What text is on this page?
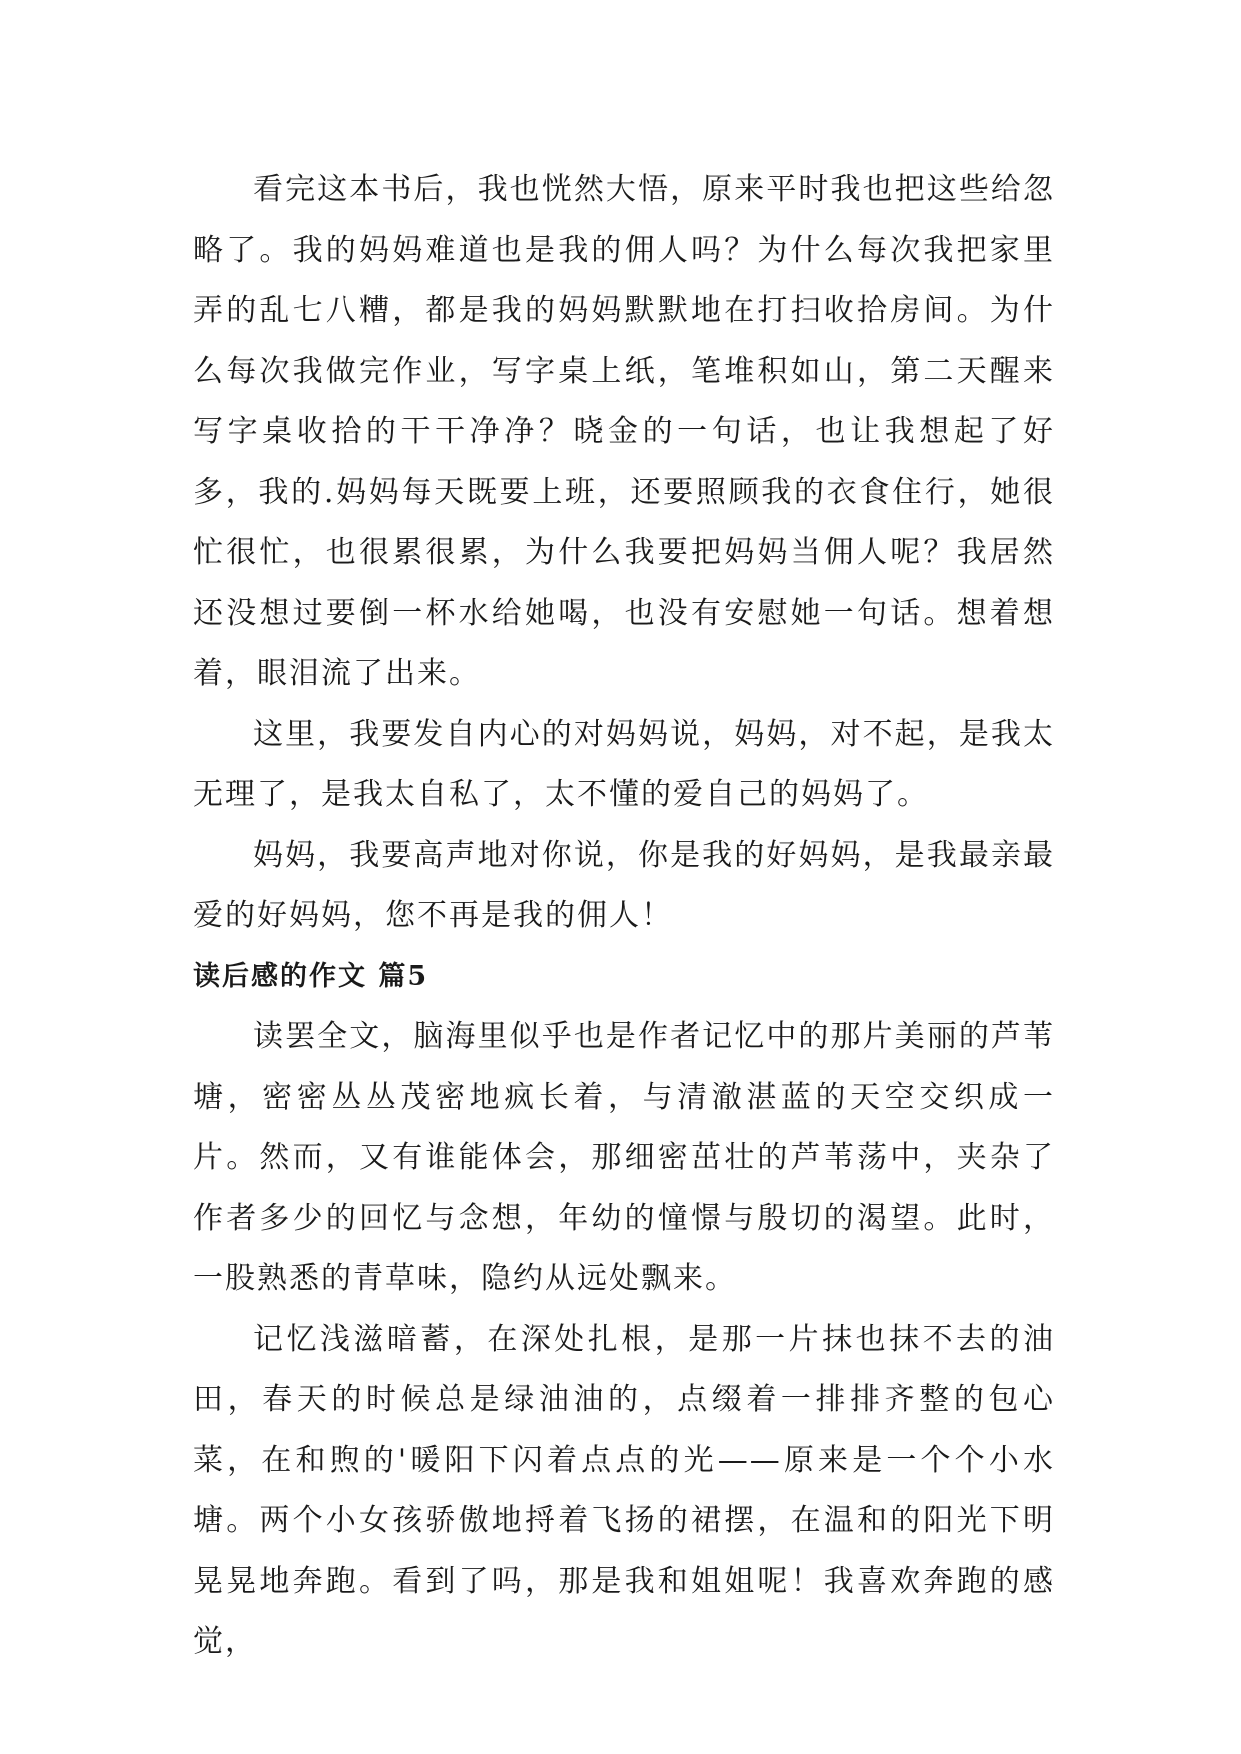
看完这本书后，我也恍然大悟，原来平时我也把这些给忽略了。我的妈妈难道也是我的佣人吗？为什么每次我把家里弄的乱七八糟，都是我的妈妈默默地在打扫收拾房间。为什么每次我做完作业，写字桌上纸，笔堆积如山，第二天醒来写字桌收拾的干干净净？晓金的一句话，也让我想起了好多，我的.妈妈每天既要上班，还要照顾我的衣食住行，她很忙很忙，也很累很累，为什么我要把妈妈当佣人呢？我居然还没想过要倒一杯水给她喝，也没有安慰她一句话。想着想着，眼泪流了出来。

这里，我要发自内心的对妈妈说，妈妈，对不起，是我太无理了，是我太自私了，太不懂的爱自己的妈妈了。

妈妈，我要高声地对你说，你是我的好妈妈，是我最亲最爱的好妈妈，您不再是我的佣人！

读后感的作文 篇5

读罢全文，脑海里似乎也是作者记忆中的那片美丽的芦苇塘，密密丛丛茂密地疯长着，与清澈湛蓝的天空交织成一片。然而，又有谁能体会，那细密茁壮的芦苇荡中，夹杂了作者多少的回忆与念想，年幼的憧憬与殷切的渴望。此时，一股熟悉的青草味，隐约从远处飘来。

记忆浅滋暗蓄，在深处扎根，是那一片抹也抹不去的油田，春天的时候总是绿油油的，点缀着一排排齐整的包心菜，在和煦的'暖阳下闪着点点的光——原来是一个个小水塘。两个小女孩骄傲地捋着飞扬的裙摆，在温和的阳光下明晃晃地奔跑。看到了吗，那是我和姐姐呢！我喜欢奔跑的感觉，
